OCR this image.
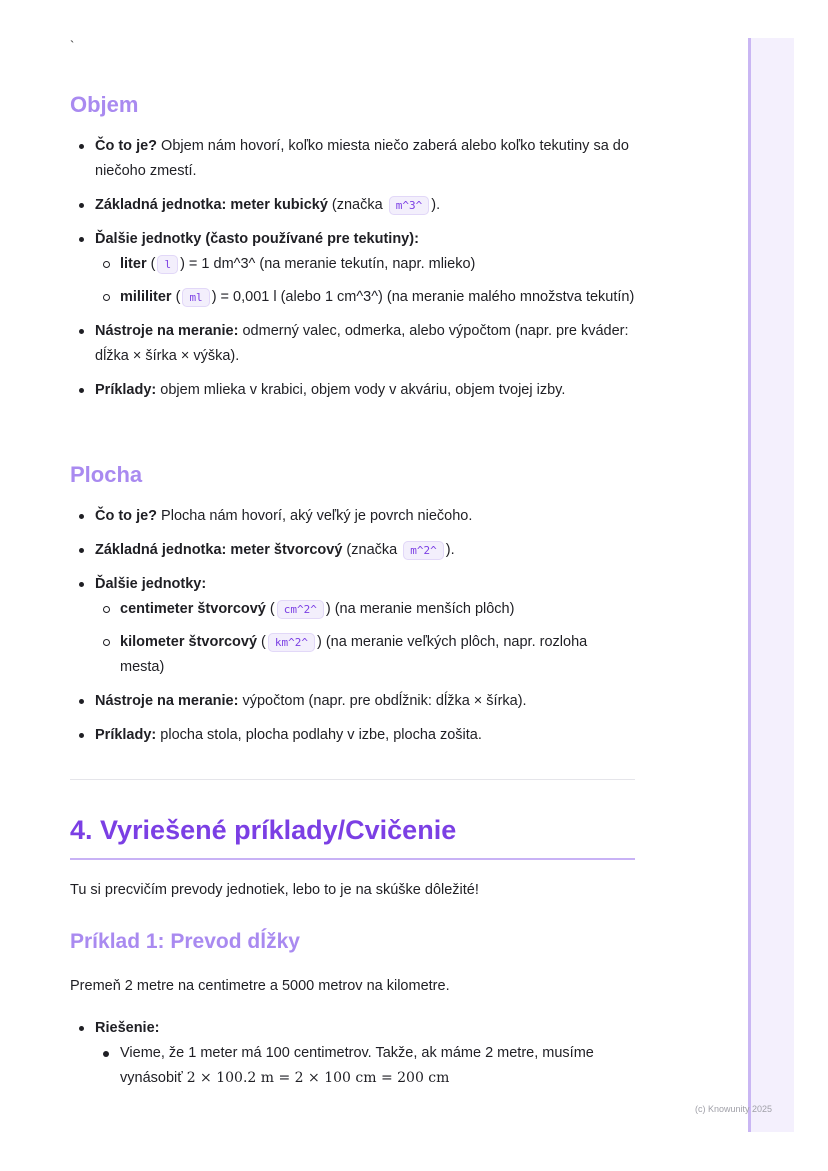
`
Objem
Čo to je? Objem nám hovorí, koľko miesta niečo zaberá alebo koľko tekutiny sa do niečoho zmestí.
Základná jednotka: meter kubický (značka m^3^ ).
Ďalšie jednotky (často používané pre tekutiny):
liter ( l ) = 1 dm^3^ (na meranie tekutín, napr. mlieko)
mililiter ( ml ) = 0,001 l (alebo 1 cm^3^) (na meranie malého množstva tekutín)
Nástroje na meranie: odmerný valec, odmerka, alebo výpočtom (napr. pre kváder: dĺžka × šírka × výška).
Príklady: objem mlieka v krabici, objem vody v akváriu, objem tvojej izby.
Plocha
Čo to je? Plocha nám hovorí, aký veľký je povrch niečoho.
Základná jednotka: meter štvorcový (značka m^2^ ).
Ďalšie jednotky:
centimeter štvorcový ( cm^2^ ) (na meranie menších plôch)
kilometer štvorcový ( km^2^ ) (na meranie veľkých plôch, napr. rozloha mesta)
Nástroje na meranie: výpočtom (napr. pre obdĺžnik: dĺžka × šírka).
Príklady: plocha stola, plocha podlahy v izbe, plocha zošita.
4. Vyriešené príklady/Cvičenie

Tu si precvičím prevody jednotiek, lebo to je na skúške dôležité!

Príklad 1: Prevod dĺžky

Premeň 2 metre na centimetre a 5000 metrov na kilometre.

Riešenie:
Vieme, že 1 meter má 100 centimetrov. Takže, ak máme 2 metre, musíme vynásobiť 2 × 100.2 m = 2 × 100 cm = 200 cm
(c) Knowunity 2025
